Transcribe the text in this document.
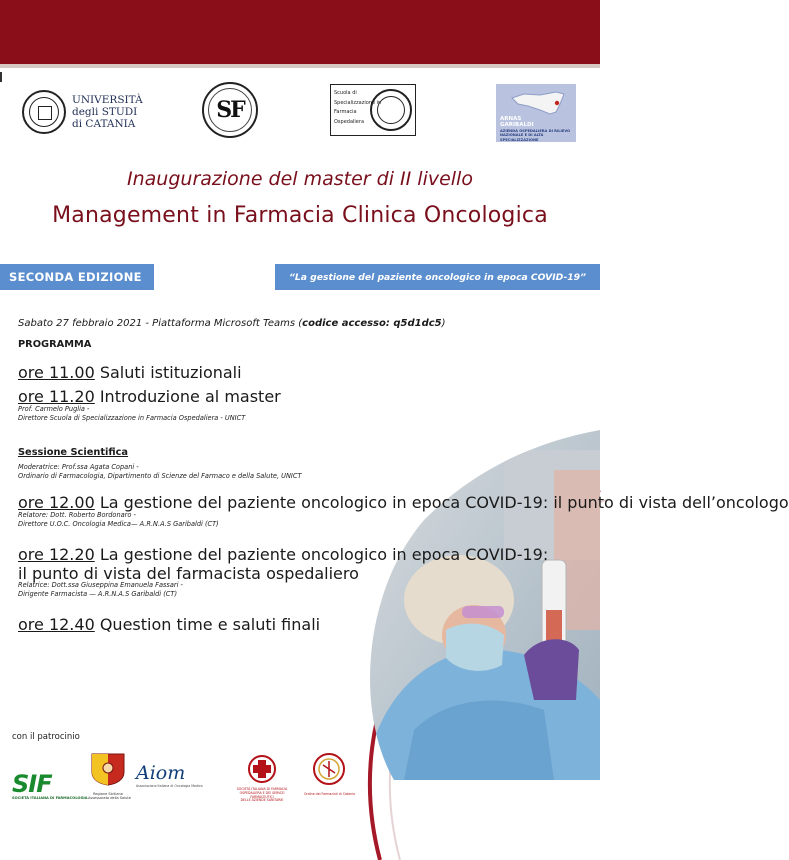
UNIVERSITÀ
degli STUDI
di CATANIA
SF
Scuola di
Specializzazione in
Farmacia
Ospedaliera	ARNAS
GARIBALDI
AZIENDA OSPEDALIERA DI RILIEVO
NAZIONALE E DI ALTA SPECIALIZZAZIONE
Inaugurazione del master di II livello
Management in Farmacia Clinica Oncologica
SECONDA EDIZIONE	“La gestione del paziente oncologico in epoca COVID-19”
Sabato 27 febbraio 2021 - Piattaforma Microsoft Teams (codice accesso: q5d1dc5)
PROGRAMMA
ore 11.00 Saluti istituzionali
ore 11.20 Introduzione al master
Prof. Carmelo Puglia -
Direttore Scuola di Specializzazione in Farmacia Ospedaliera - UNICT
Sessione Scientifica
Moderatrice: Prof.ssa Agata Copani -
Ordinario di Farmacologia, Dipartimento di Scienze del Farmaco e della Salute, UNICT
ore 12.00 La gestione del paziente oncologico in epoca COVID-19: il punto di vista dell’oncologo
Relatore: Dott. Roberto Bordonaro -
Direttore U.O.C. Oncologia Medica— A.R.N.A.S Garibaldi (CT)
ore 12.20 La gestione del paziente oncologico in epoca COVID-19:
il punto di vista del farmacista ospedaliero
Relatrice: Dott.ssa Giuseppina Emanuela Fassari -
Dirigente Farmacista — A.R.N.A.S Garibaldi (CT)
ore 12.40 Question time e saluti finali
con il patrocinio
SIF
SOCIETÀ ITALIANA DI FARMACOLOGIA
Regione Siciliana
Assessorato della Salute
Aiom
Associazione Italiana di Oncologia Medica
SOCIETÀ ITALIANA DI FARMACIA
OSPEDALIERA E DEI SERVIZI FARMACEUTICI
DELLE AZIENDE SANITARIE
Ordine dei Farmacisti di Catania
